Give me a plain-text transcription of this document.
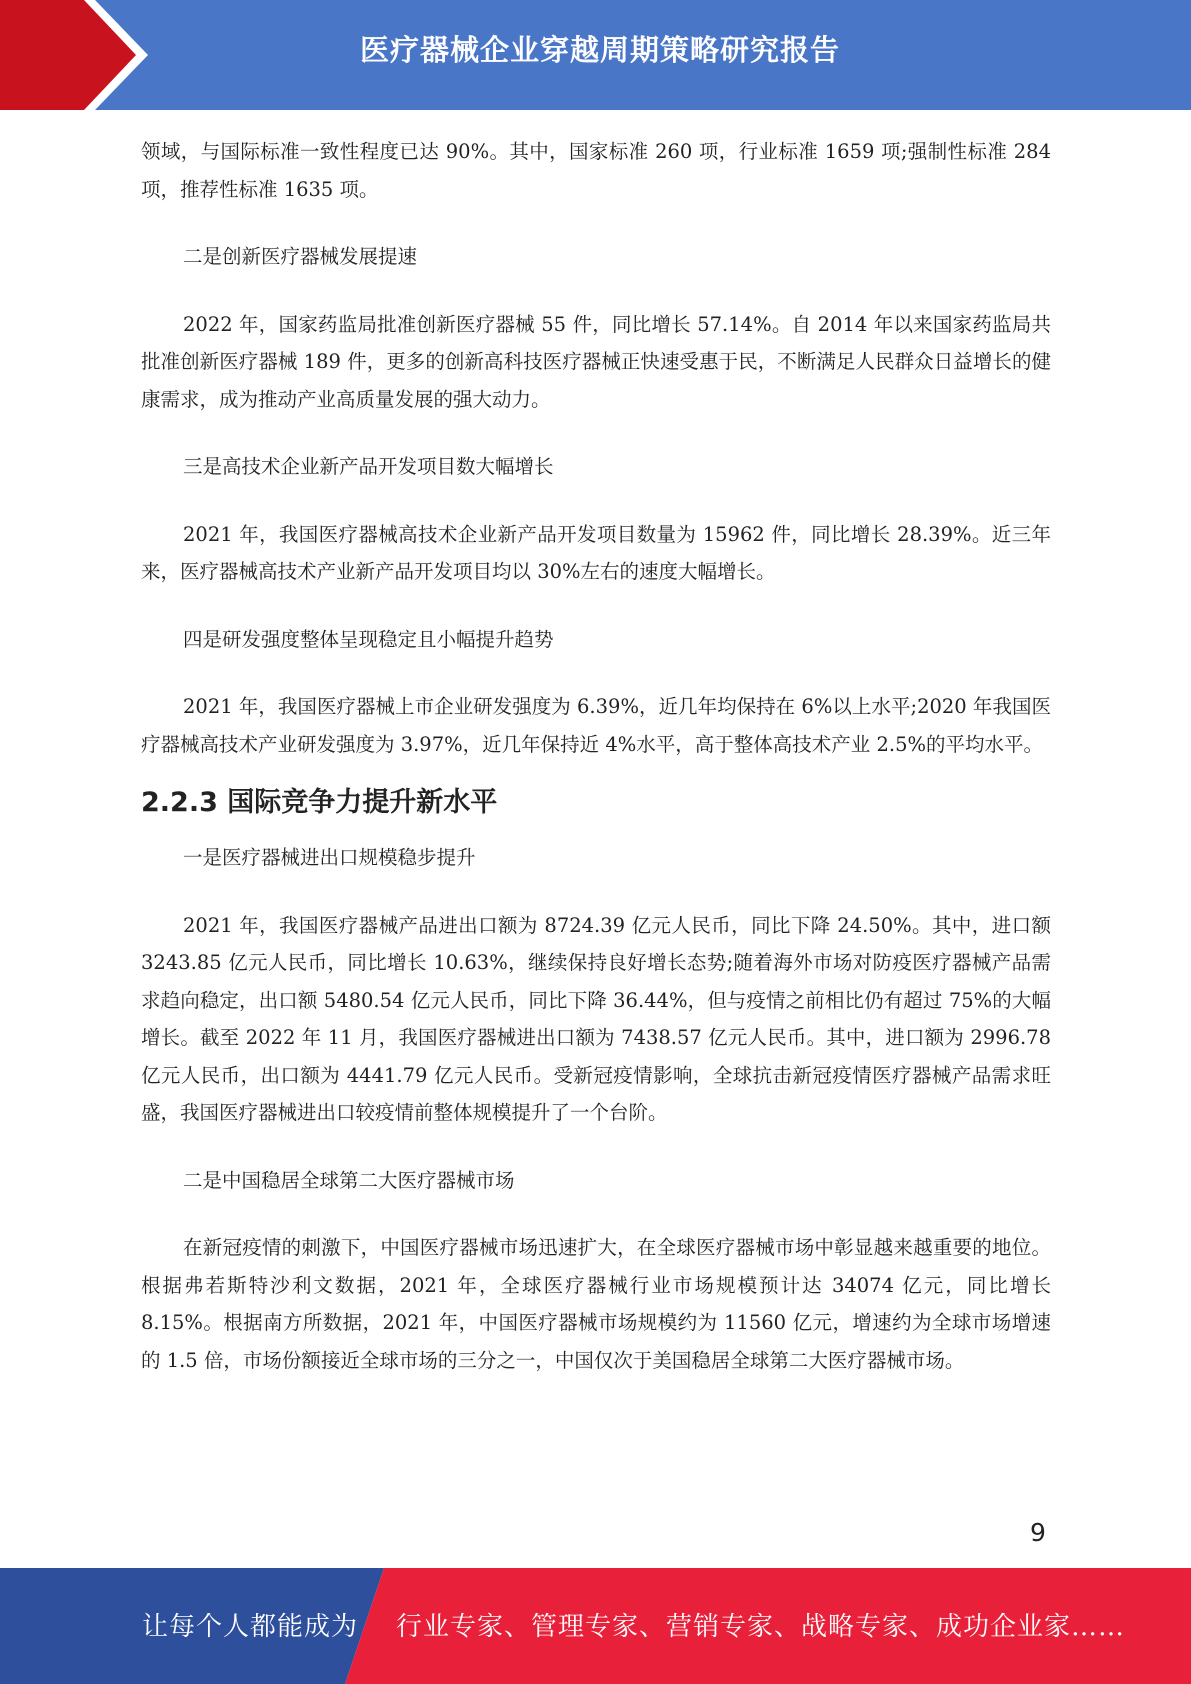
医疗器械企业穿越周期策略研究报告

领域，与国际标准一致性程度已达 90%。其中，国家标准 260 项，行业标准 1659 项;强制性标准 284 项，推荐性标准 1635 项。

二是创新医疗器械发展提速

2022 年，国家药监局批准创新医疗器械 55 件，同比增长 57.14%。自 2014 年以来国家药监局共批准创新医疗器械 189 件，更多的创新高科技医疗器械正快速受惠于民，不断满足人民群众日益增长的健康需求，成为推动产业高质量发展的强大动力。

三是高技术企业新产品开发项目数大幅增长

2021 年，我国医疗器械高技术企业新产品开发项目数量为 15962 件，同比增长 28.39%。近三年来，医疗器械高技术产业新产品开发项目均以 30%左右的速度大幅增长。

四是研发强度整体呈现稳定且小幅提升趋势

2021 年，我国医疗器械上市企业研发强度为 6.39%，近几年均保持在 6%以上水平;2020 年我国医疗器械高技术产业研发强度为 3.97%，近几年保持近 4%水平，高于整体高技术产业 2.5%的平均水平。

2.2.3 国际竞争力提升新水平

一是医疗器械进出口规模稳步提升

2021 年，我国医疗器械产品进出口额为 8724.39 亿元人民币，同比下降 24.50%。其中，进口额 3243.85 亿元人民币，同比增长 10.63%，继续保持良好增长态势;随着海外市场对防疫医疗器械产品需求趋向稳定，出口额 5480.54 亿元人民币，同比下降 36.44%，但与疫情之前相比仍有超过 75%的大幅增长。截至 2022 年 11 月，我国医疗器械进出口额为 7438.57 亿元人民币。其中，进口额为 2996.78 亿元人民币，出口额为 4441.79 亿元人民币。受新冠疫情影响，全球抗击新冠疫情医疗器械产品需求旺盛，我国医疗器械进出口较疫情前整体规模提升了一个台阶。

二是中国稳居全球第二大医疗器械市场

在新冠疫情的刺激下，中国医疗器械市场迅速扩大，在全球医疗器械市场中彰显越来越重要的地位。根据弗若斯特沙利文数据，2021 年，全球医疗器械行业市场规模预计达 34074 亿元，同比增长 8.15%。根据南方所数据，2021 年，中国医疗器械市场规模约为 11560 亿元，增速约为全球市场增速的 1.5 倍，市场份额接近全球市场的三分之一，中国仅次于美国稳居全球第二大医疗器械市场。

9
让每个人都能成为 行业专家、管理专家、营销专家、战略专家、成功企业家……
